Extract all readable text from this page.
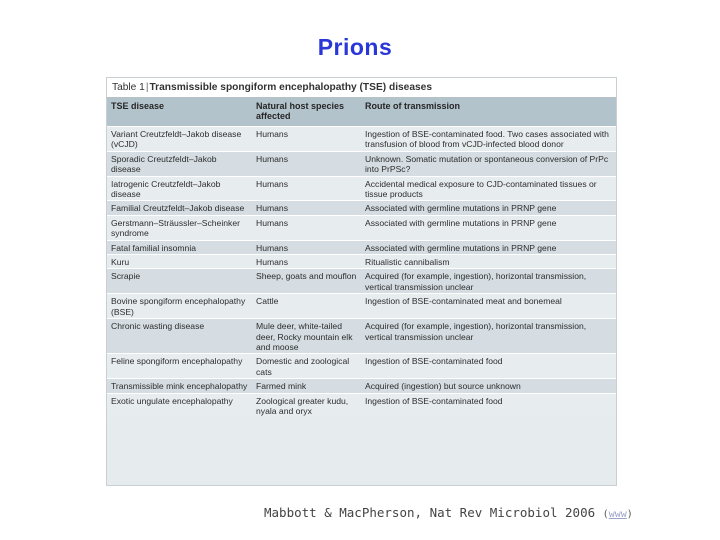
Prions
Table 1|Transmissible spongiform encephalopathy (TSE) diseases
TSE disease	Natural host species affected	Route of transmission
Variant Creutzfeldt–Jakob disease (vCJD)	Humans	Ingestion of BSE-contaminated food. Two cases associated with transfusion of blood from vCJD-infected blood donor
Sporadic Creutzfeldt–Jakob disease	Humans	Unknown. Somatic mutation or spontaneous conversion of PrPc into PrPSc?
Iatrogenic Creutzfeldt–Jakob disease	Humans	Accidental medical exposure to CJD-contaminated tissues or tissue products
Familial Creutzfeldt–Jakob disease	Humans	Associated with germline mutations in PRNP gene
Gerstmann–Sträussler–Scheinker syndrome	Humans	Associated with germline mutations in PRNP gene
Fatal familial insomnia	Humans	Associated with germline mutations in PRNP gene
Kuru	Humans	Ritualistic cannibalism
Scrapie	Sheep, goats and mouflon	Acquired (for example, ingestion), horizontal transmission, vertical transmission unclear
Bovine spongiform encephalopathy (BSE)	Cattle	Ingestion of BSE-contaminated meat and bonemeal
Chronic wasting disease	Mule deer, white-tailed deer, Rocky mountain elk and moose	Acquired (for example, ingestion), horizontal transmission, vertical transmission unclear
Feline spongiform encephalopathy	Domestic and zoological cats	Ingestion of BSE-contaminated food
Transmissible mink encephalopathy	Farmed mink	Acquired (ingestion) but source unknown
Exotic ungulate encephalopathy	Zoological greater kudu, nyala and oryx	Ingestion of BSE-contaminated food
Mabbott & MacPherson, Nat Rev Microbiol 2006 (www)
